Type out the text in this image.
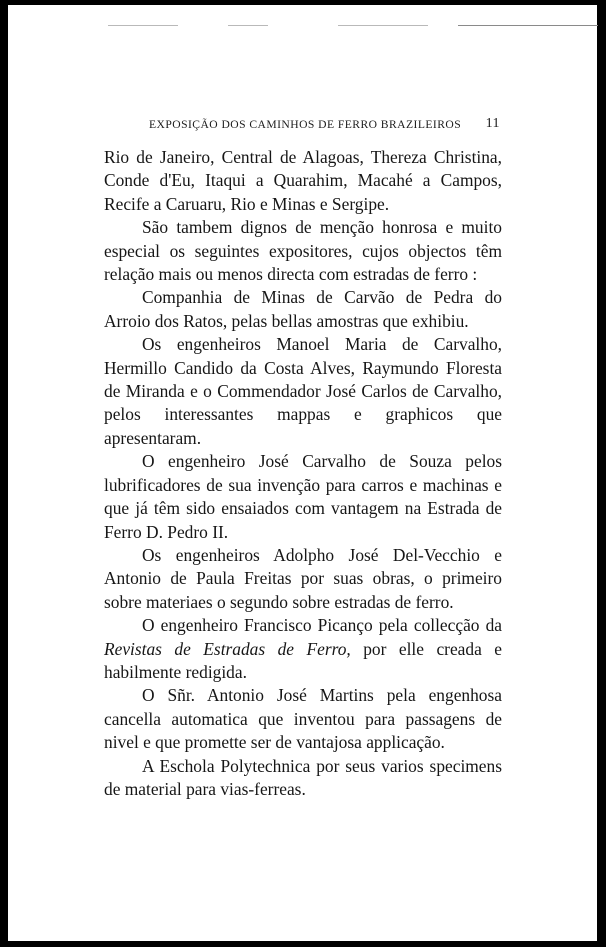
EXPOSIÇÃO DOS CAMINHOS DE FERRO BRAZILEIROS 11

Rio de Janeiro, Central de Alagoas, Thereza Christina, Conde d'Eu, Itaqui a Quarahim, Macahé a Campos, Recife a Caruaru, Rio e Minas e Sergipe.

São tambem dignos de menção honrosa e muito especial os seguintes expositores, cujos objectos têm relação mais ou menos directa com estradas de ferro :

Companhia de Minas de Carvão de Pedra do Arroio dos Ratos, pelas bellas amostras que exhibiu.

Os engenheiros Manoel Maria de Carvalho, Hermillo Candido da Costa Alves, Raymundo Floresta de Miranda e o Commendador José Carlos de Carvalho, pelos interessantes mappas e graphicos que apresentaram.

O engenheiro José Carvalho de Souza pelos lubrificadores de sua invenção para carros e machinas e que já têm sido ensaiados com vantagem na Estrada de Ferro D. Pedro II.

Os engenheiros Adolpho José Del-Vecchio e Antonio de Paula Freitas por suas obras, o primeiro sobre materiaes o segundo sobre estradas de ferro.

O engenheiro Francisco Picanço pela collecção da Revistas de Estradas de Ferro, por elle creada e habilmente redigida.

O Sñr. Antonio José Martins pela engenhosa cancella automatica que inventou para passagens de nivel e que promette ser de vantajosa applicação.

A Eschola Polytechnica por seus varios specimens de material para vias-ferreas.
